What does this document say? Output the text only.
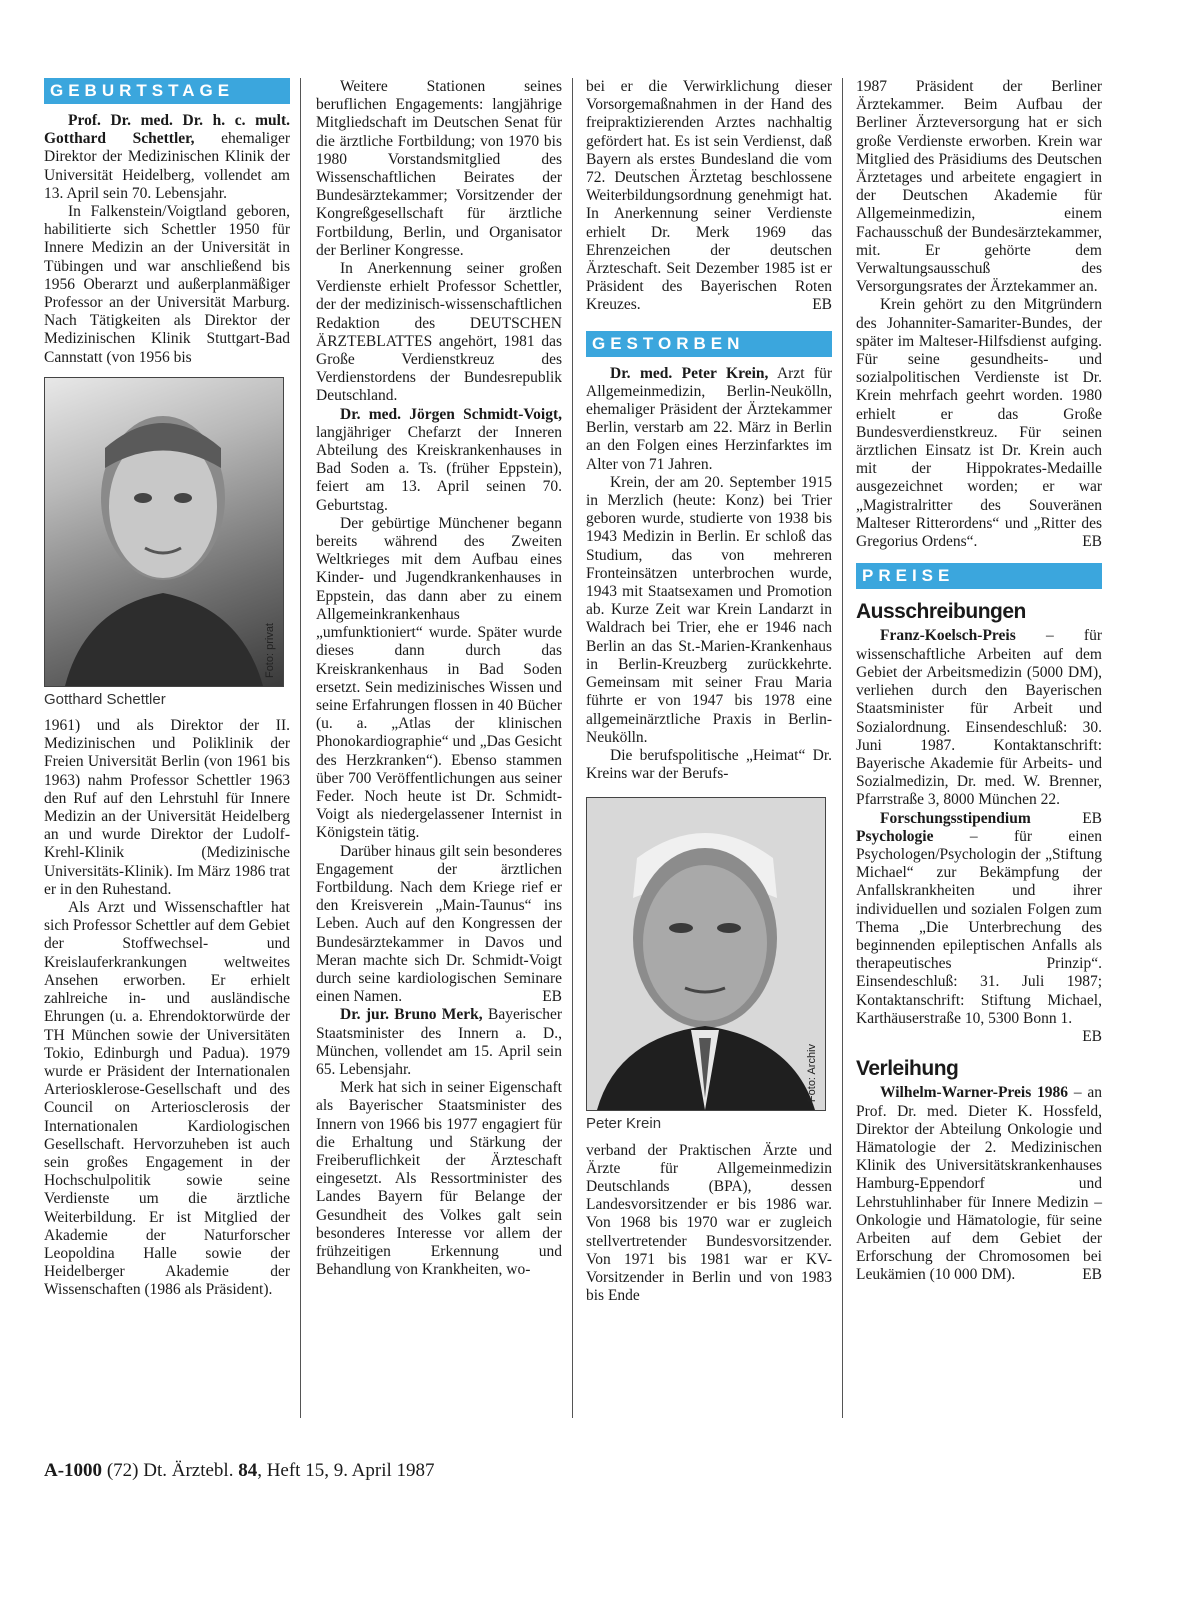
GEBURTSTAGE

Prof. Dr. med. Dr. h. c. mult. Gotthard Schettler, ehemaliger Direktor der Medizinischen Klinik der Universität Heidelberg, vollendet am 13. April sein 70. Lebensjahr.

In Falkenstein/Voigtland geboren, habilitierte sich Schettler 1950 für Innere Medizin an der Universität in Tübingen und war anschließend bis 1956 Oberarzt und außerplanmäßiger Professor an der Universität Marburg. Nach Tätigkeiten als Direktor der Medizinischen Klinik Stuttgart-Bad Cannstatt (von 1956 bis

Foto: privat
Gotthard Schettler

1961) und als Direktor der II. Medizinischen und Poliklinik der Freien Universität Berlin (von 1961 bis 1963) nahm Professor Schettler 1963 den Ruf auf den Lehrstuhl für Innere Medizin an der Universität Heidelberg an und wurde Direktor der Ludolf-Krehl-Klinik (Medizinische Universitäts-Klinik). Im März 1986 trat er in den Ruhestand.

Als Arzt und Wissenschaftler hat sich Professor Schettler auf dem Gebiet der Stoffwechsel- und Kreislauferkrankungen weltweites Ansehen erworben. Er erhielt zahlreiche in- und ausländische Ehrungen (u. a. Ehrendoktorwürde der TH München sowie der Universitäten Tokio, Edinburgh und Padua). 1979 wurde er Präsident der Internationalen Arteriosklerose-Gesellschaft und des Council on Arteriosclerosis der Internationalen Kardiologischen Gesellschaft. Hervorzuheben ist auch sein großes Engagement in der Hochschulpolitik sowie seine Verdienste um die ärztliche Weiterbildung. Er ist Mitglied der Akademie der Naturforscher Leopoldina Halle sowie der Heidelberger Akademie der Wissenschaften (1986 als Präsident).

Weitere Stationen seines beruflichen Engagements: langjährige Mitgliedschaft im Deutschen Senat für die ärztliche Fortbildung; von 1970 bis 1980 Vorstandsmitglied des Wissenschaftlichen Beirates der Bundesärztekammer; Vorsitzender der Kongreßgesellschaft für ärztliche Fortbildung, Berlin, und Organisator der Berliner Kongresse.

In Anerkennung seiner großen Verdienste erhielt Professor Schettler, der der medizinisch-wissenschaftlichen Redaktion des DEUTSCHEN ÄRZTEBLATTES angehört, 1981 das Große Verdienstkreuz des Verdienstordens der Bundesrepublik Deutschland.

Dr. med. Jörgen Schmidt-Voigt, langjähriger Chefarzt der Inneren Abteilung des Kreiskrankenhauses in Bad Soden a. Ts. (früher Eppstein), feiert am 13. April seinen 70. Geburtstag.

Der gebürtige Münchener begann bereits während des Zweiten Weltkrieges mit dem Aufbau eines Kinder- und Jugendkrankenhauses in Eppstein, das dann aber zu einem Allgemeinkrankenhaus „umfunktioniert“ wurde. Später wurde dieses dann durch das Kreiskrankenhaus in Bad Soden ersetzt. Sein medizinisches Wissen und seine Erfahrungen flossen in 40 Bücher (u. a. „Atlas der klinischen Phonokardiographie“ und „Das Gesicht des Herzkranken“). Ebenso stammen über 700 Veröffentlichungen aus seiner Feder. Noch heute ist Dr. Schmidt-Voigt als niedergelassener Internist in Königstein tätig.

Darüber hinaus gilt sein besonderes Engagement der ärztlichen Fortbildung. Nach dem Kriege rief er den Kreisverein „Main-Taunus“ ins Leben. Auch auf den Kongressen der Bundesärztekammer in Davos und Meran machte sich Dr. Schmidt-Voigt durch seine kardiologischen Seminare einen Namen.	EB

Dr. jur. Bruno Merk, Bayerischer Staatsminister des Innern a. D., München, vollendet am 15. April sein 65. Lebensjahr.

Merk hat sich in seiner Eigenschaft als Bayerischer Staatsminister des Innern von 1966 bis 1977 engagiert für die Erhaltung und Stärkung der Freiberuflichkeit der Ärzteschaft eingesetzt. Als Ressortminister des Landes Bayern für Belange der Gesundheit des Volkes galt sein besonderes Interesse vor allem der frühzeitigen Erkennung und Behandlung von Krankheiten, wo-

bei er die Verwirklichung dieser Vorsorgemaßnahmen in der Hand des freipraktizierenden Arztes nachhaltig gefördert hat. Es ist sein Verdienst, daß Bayern als erstes Bundesland die vom 72. Deutschen Ärztetag beschlossene Weiterbildungsordnung genehmigt hat. In Anerkennung seiner Verdienste erhielt Dr. Merk 1969 das Ehrenzeichen der deutschen Ärzteschaft. Seit Dezember 1985 ist er Präsident des Bayerischen Roten Kreuzes.	EB

GESTORBEN

Dr. med. Peter Krein, Arzt für Allgemeinmedizin, Berlin-Neukölln, ehemaliger Präsident der Ärztekammer Berlin, verstarb am 22. März in Berlin an den Folgen eines Herzinfarktes im Alter von 71 Jahren.

Krein, der am 20. September 1915 in Merzlich (heute: Konz) bei Trier geboren wurde, studierte von 1938 bis 1943 Medizin in Berlin. Er schloß das Studium, das von mehreren Fronteinsätzen unterbrochen wurde, 1943 mit Staatsexamen und Promotion ab. Kurze Zeit war Krein Landarzt in Waldrach bei Trier, ehe er 1946 nach Berlin an das St.-Marien-Krankenhaus in Berlin-Kreuzberg zurückkehrte. Gemeinsam mit seiner Frau Maria führte er von 1947 bis 1978 eine allgemeinärztliche Praxis in Berlin-Neukölln.

Die berufspolitische „Heimat“ Dr. Kreins war der Berufs-

Foto: Archiv
Peter Krein

verband der Praktischen Ärzte und Ärzte für Allgemeinmedizin Deutschlands (BPA), dessen Landesvorsitzender er bis 1986 war. Von 1968 bis 1970 war er zugleich stellvertretender Bundesvorsitzender. Von 1971 bis 1981 war er KV-Vorsitzender in Berlin und von 1983 bis Ende

1987 Präsident der Berliner Ärztekammer. Beim Aufbau der Berliner Ärzteversorgung hat er sich große Verdienste erworben. Krein war Mitglied des Präsidiums des Deutschen Ärztetages und arbeitete engagiert in der Deutschen Akademie für Allgemeinmedizin, einem Fachausschuß der Bundesärztekammer, mit. Er gehörte dem Verwaltungsausschuß des Versorgungsrates der Ärztekammer an.

Krein gehört zu den Mitgründern des Johanniter-Samariter-Bundes, der später im Malteser-Hilfsdienst aufging. Für seine gesundheits- und sozialpolitischen Verdienste ist Dr. Krein mehrfach geehrt worden. 1980 erhielt er das Große Bundesverdienstkreuz. Für seinen ärztlichen Einsatz ist Dr. Krein auch mit der Hippokrates-Medaille ausgezeichnet worden; er war „Magistralritter des Souveränen Malteser Ritterordens“ und „Ritter des Gregorius Ordens“.	EB

PREISE
Ausschreibungen

Franz-Koelsch-Preis – für wissenschaftliche Arbeiten auf dem Gebiet der Arbeitsmedizin (5000 DM), verliehen durch den Bayerischen Staatsminister für Arbeit und Sozialordnung. Einsendeschluß: 30. Juni 1987. Kontaktanschrift: Bayerische Akademie für Arbeits- und Sozialmedizin, Dr. med. W. Brenner, Pfarrstraße 3, 8000 München 22.
EB

Forschungsstipendium Psychologie – für einen Psychologen/Psychologin der „Stiftung Michael“ zur Bekämpfung der Anfallskrankheiten und ihrer individuellen und sozialen Folgen zum Thema „Die Unterbrechung des beginnenden epileptischen Anfalls als therapeutisches Prinzip“. Einsendeschluß: 31. Juli 1987; Kontaktanschrift: Stiftung Michael, Karthäuserstraße 10, 5300 Bonn 1.
EB

Verleihung

Wilhelm-Warner-Preis 1986 – an Prof. Dr. med. Dieter K. Hossfeld, Direktor der Abteilung Onkologie und Hämatologie der 2. Medizinischen Klinik des Universitätskrankenhauses Hamburg-Eppendorf und Lehrstuhlinhaber für Innere Medizin – Onkologie und Hämatologie, für seine Arbeiten auf dem Gebiet der Erforschung der Chromosomen bei Leukämien (10 000 DM).	EB

A-1000 (72) Dt. Ärztebl. 84, Heft 15, 9. April 1987
